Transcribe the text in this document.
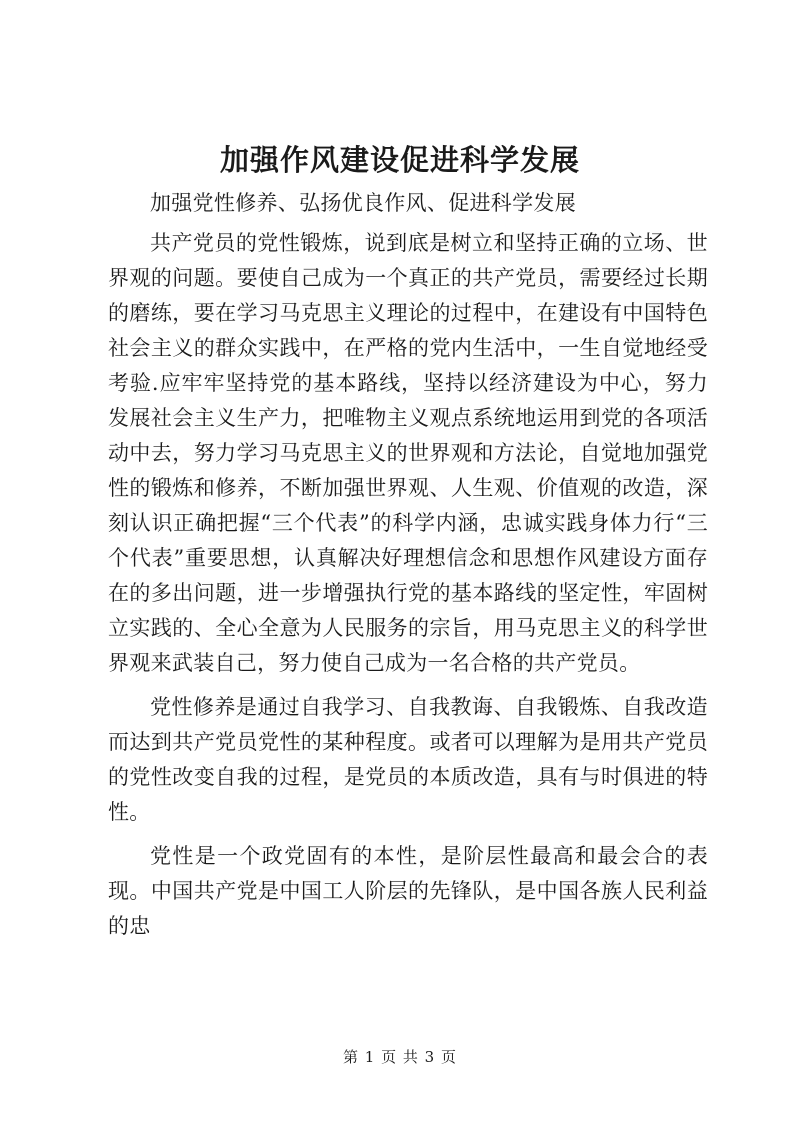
加强作风建设促进科学发展

加强党性修养、弘扬优良作风、促进科学发展

共产党员的党性锻炼，说到底是树立和坚持正确的立场、世界观的问题。要使自己成为一个真正的共产党员，需要经过长期的磨练，要在学习马克思主义理论的过程中，在建设有中国特色社会主义的群众实践中，在严格的党内生活中，一生自觉地经受考验.应牢牢坚持党的基本路线，坚持以经济建设为中心，努力发展社会主义生产力，把唯物主义观点系统地运用到党的各项活动中去，努力学习马克思主义的世界观和方法论，自觉地加强党性的锻炼和修养，不断加强世界观、人生观、价值观的改造，深刻认识正确把握“三个代表”的科学内涵，忠诚实践身体力行“三个代表”重要思想，认真解决好理想信念和思想作风建设方面存在的多出问题，进一步增强执行党的基本路线的坚定性，牢固树立实践的、全心全意为人民服务的宗旨，用马克思主义的科学世界观来武装自己，努力使自己成为一名合格的共产党员。

党性修养是通过自我学习、自我教诲、自我锻炼、自我改造而达到共产党员党性的某种程度。或者可以理解为是用共产党员的党性改变自我的过程，是党员的本质改造，具有与时俱进的特性。

党性是一个政党固有的本性，是阶层性最高和最会合的表现。中国共产党是中国工人阶层的先锋队，是中国各族人民利益的忠

第 1 页 共 3 页
